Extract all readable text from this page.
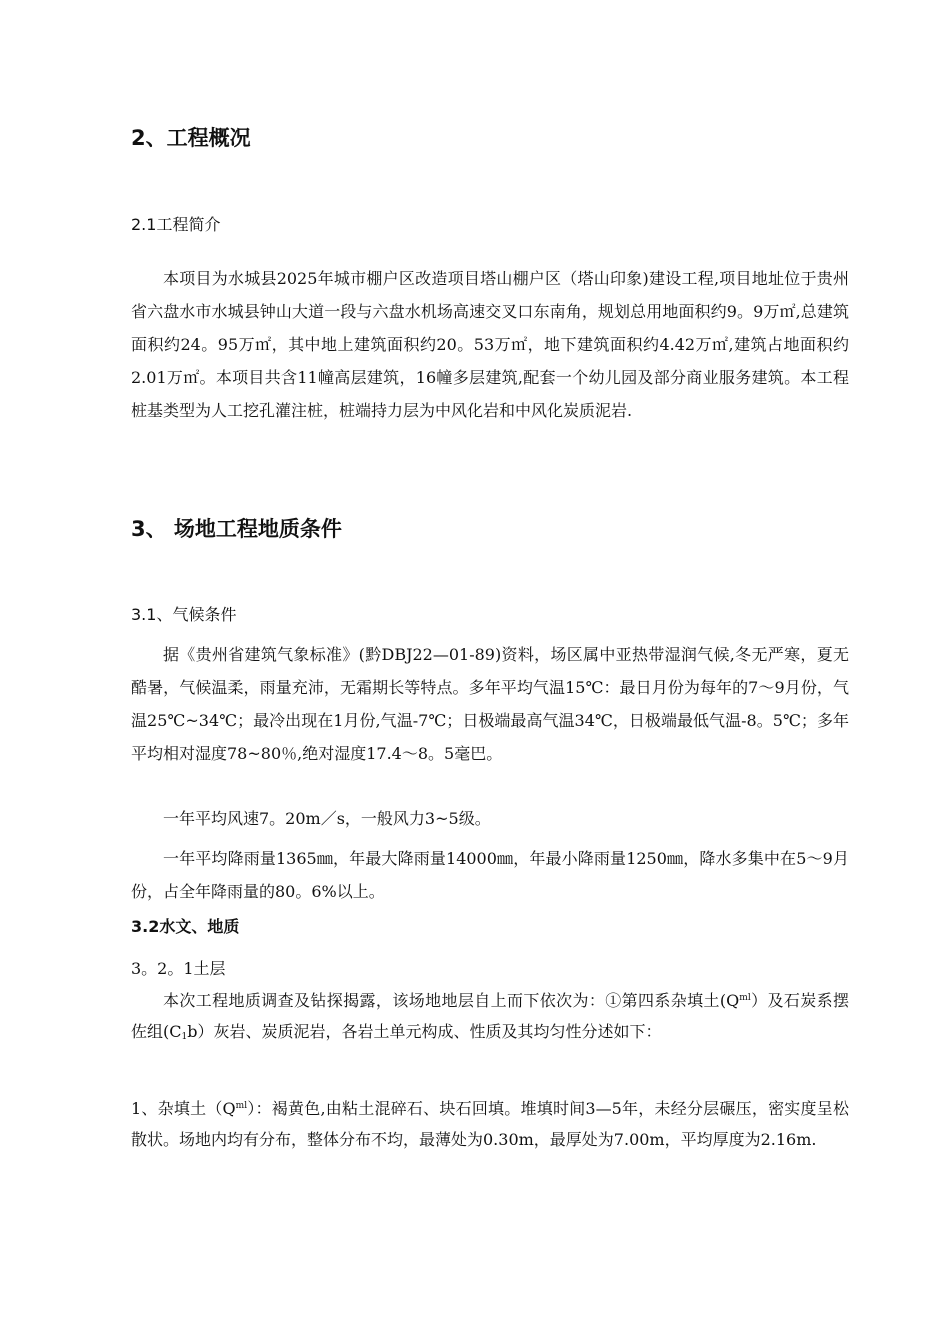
2、工程概况
2.1工程简介

本项目为水城县2025年城市棚户区改造项目塔山棚户区（塔山印象)建设工程,项目地址位于贵州省六盘水市水城县钟山大道一段与六盘水机场高速交叉口东南角，规划总用地面积约9。9万㎡,总建筑面积约24。95万㎡，其中地上建筑面积约20。53万㎡，地下建筑面积约4.42万㎡,建筑占地面积约2.01万㎡。本项目共含11幢高层建筑，16幢多层建筑,配套一个幼儿园及部分商业服务建筑。本工程桩基类型为人工挖孔灌注桩，桩端持力层为中风化岩和中风化炭质泥岩.

3、 场地工程地质条件
3.1、气候条件

据《贵州省建筑气象标准》(黔DBJ22—01-89)资料，场区属中亚热带湿润气候,冬无严寒，夏无酷暑，气候温柔，雨量充沛，无霜期长等特点。多年平均气温15℃：最日月份为每年的7～9月份，气温25℃~34℃；最冷出现在1月份,气温-7℃；日极端最高气温34℃，日极端最低气温-8。5℃；多年平均相对湿度78~80％,绝对湿度17.4～8。5毫巴。

一年平均风速7。20m／s，一般风力3~5级。

一年平均降雨量1365㎜，年最大降雨量14000㎜，年最小降雨量1250㎜，降水多集中在5～9月份，占全年降雨量的80。6%以上。

3.2水文、地质
3。2。1土层

本次工程地质调查及钻探揭露，该场地地层自上而下依次为：①第四系杂填土$(Q^{ml})$及石炭系摆佐组$(C_1b)$灰岩、炭质泥岩，各岩土单元构成、性质及其均匀性分述如下：

1、杂填土$(Q^{ml})$：褐黄色,由粘土混碎石、块石回填。堆填时间3—5年，未经分层碾压，密实度呈松散状。场地内均有分布，整体分布不均，最薄处为0.30m，最厚处为7.00m，平均厚度为2.16m.
